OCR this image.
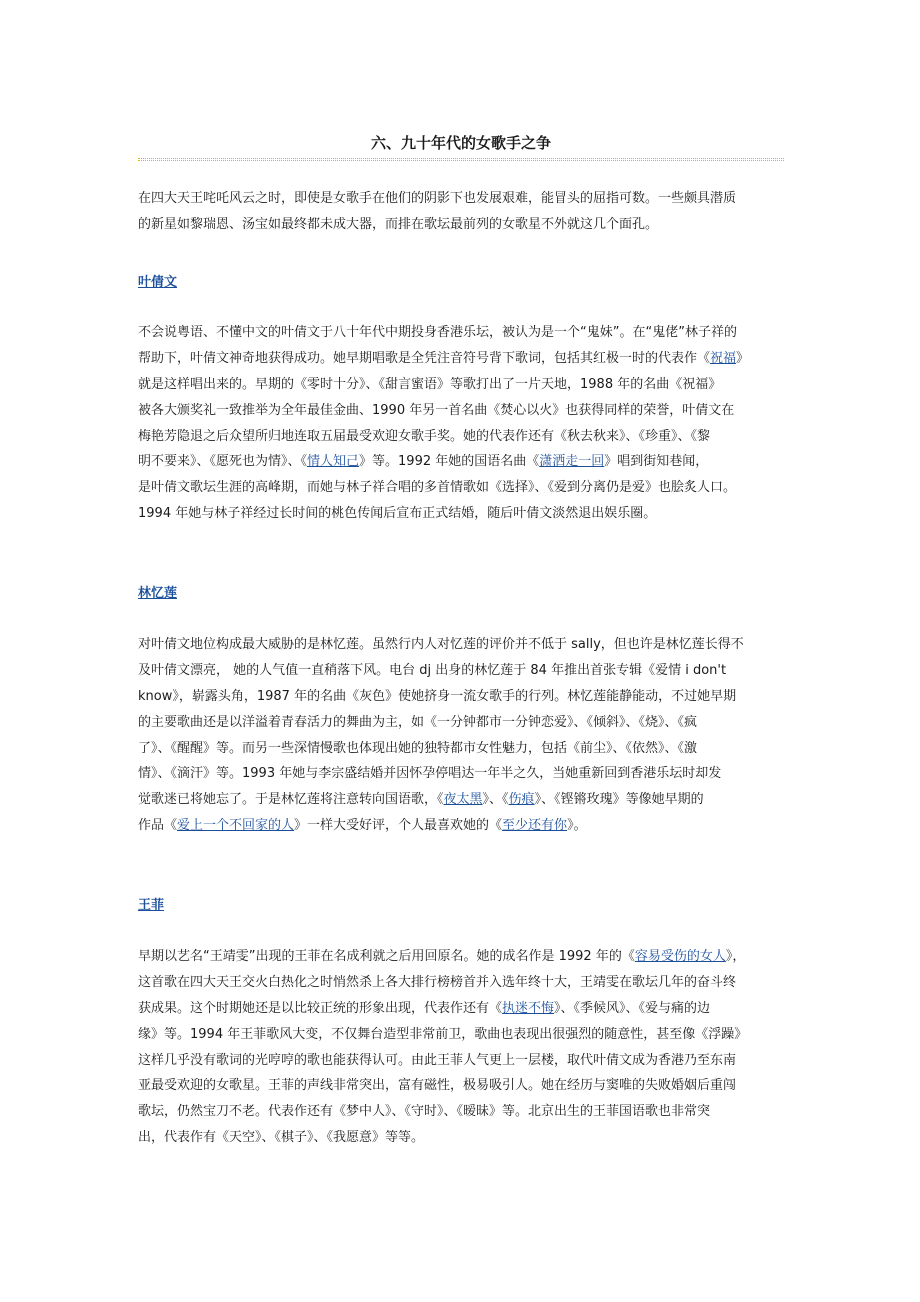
六、九十年代的女歌手之争
在四大天王咤吒风云之时，即使是女歌手在他们的阴影下也发展艰难，能冒头的屈指可数。一些颇具潜质
的新星如黎瑞恩、汤宝如最终都未成大器，而排在歌坛最前列的女歌星不外就这几个面孔。
叶倩文
不会说粤语、不懂中文的叶倩文于八十年代中期投身香港乐坛，被认为是一个“鬼妹”。在“鬼佬”林子祥的
帮助下，叶倩文神奇地获得成功。她早期唱歌是全凭注音符号背下歌词，包括其红极一时的代表作《祝福》
就是这样唱出来的。早期的《零时十分》、《甜言蜜语》等歌打出了一片天地，1988 年的名曲《祝福》
被各大颁奖礼一致推举为全年最佳金曲、1990 年另一首名曲《焚心以火》也获得同样的荣誉，叶倩文在
梅艳芳隐退之后众望所归地连取五届最受欢迎女歌手奖。她的代表作还有《秋去秋来》、《珍重》、《黎
明不要来》、《愿死也为情》、《情人知己》等。1992 年她的国语名曲《潇洒走一回》唱到街知巷闻，
是叶倩文歌坛生涯的高峰期，而她与林子祥合唱的多首情歌如《选择》、《爱到分离仍是爱》也脍炙人口。
1994 年她与林子祥经过长时间的桃色传闻后宣布正式结婚，随后叶倩文淡然退出娱乐圈。
林忆莲
对叶倩文地位构成最大威胁的是林忆莲。虽然行内人对忆莲的评价并不低于 sally，但也许是林忆莲长得不
及叶倩文漂亮， 她的人气值一直稍落下风。电台 dj 出身的林忆莲于 84 年推出首张专辑《爱情 i don't
know》，崭露头角，1987 年的名曲《灰色》使她挤身一流女歌手的行列。林忆莲能静能动，不过她早期
的主要歌曲还是以洋溢着青春活力的舞曲为主，如《一分钟都市一分钟恋爱》、《倾斜》、《烧》、《疯
了》、《醒醒》等。而另一些深情慢歌也体现出她的独特都市女性魅力，包括《前尘》、《依然》、《激
情》、《滴汗》等。1993 年她与李宗盛结婚并因怀孕停唱达一年半之久，当她重新回到香港乐坛时却发
觉歌迷已将她忘了。于是林忆莲将注意转向国语歌，《夜太黑》、《伤痕》、《铿锵玫瑰》等像她早期的
作品《爱上一个不回家的人》一样大受好评，个人最喜欢她的《至少还有你》。
王菲
早期以艺名“王靖雯”出现的王菲在名成利就之后用回原名。她的成名作是 1992 年的《容易受伤的女人》，
这首歌在四大天王交火白热化之时悄然杀上各大排行榜榜首并入选年终十大，王靖雯在歌坛几年的奋斗终
获成果。这个时期她还是以比较正统的形象出现，代表作还有《执迷不悔》、《季候风》、《爱与痛的边
缘》等。1994 年王菲歌风大变，不仅舞台造型非常前卫，歌曲也表现出很强烈的随意性，甚至像《浮躁》
这样几乎没有歌词的光哼哼的歌也能获得认可。由此王菲人气更上一层楼，取代叶倩文成为香港乃至东南
亚最受欢迎的女歌星。王菲的声线非常突出，富有磁性，极易吸引人。她在经历与窦唯的失败婚姻后重闯
歌坛，仍然宝刀不老。代表作还有《梦中人》、《守时》、《暧昧》等。北京出生的王菲国语歌也非常突
出，代表作有《天空》、《棋子》、《我愿意》等等。
